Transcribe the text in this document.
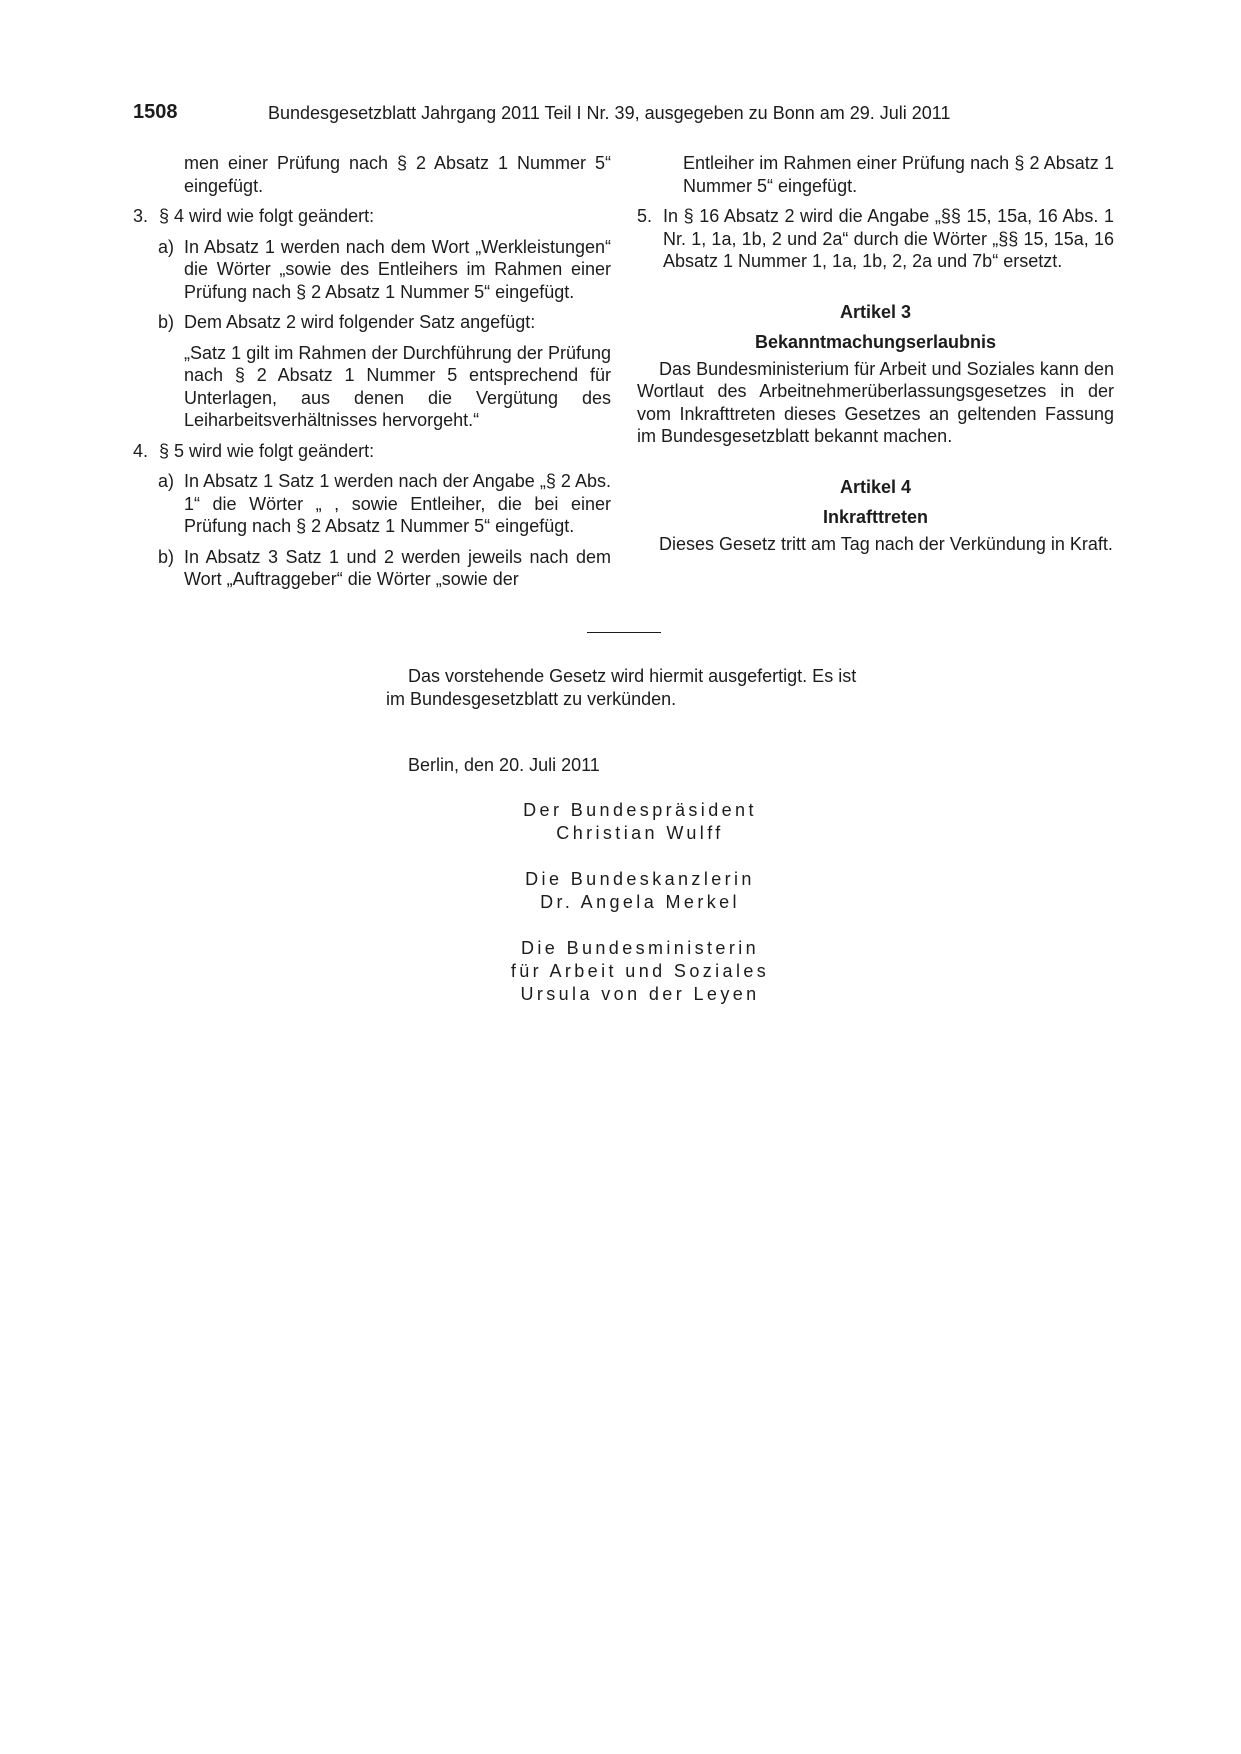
1508	Bundesgesetzblatt Jahrgang 2011 Teil I Nr. 39, ausgegeben zu Bonn am 29. Juli 2011

men einer Prüfung nach § 2 Absatz 1 Nummer 5“ eingefügt.

3. § 4 wird wie folgt geändert:
a) In Absatz 1 werden nach dem Wort „Werkleistungen“ die Wörter „sowie des Entleihers im Rahmen einer Prüfung nach § 2 Absatz 1 Nummer 5“ eingefügt.
b) Dem Absatz 2 wird folgender Satz angefügt:

„Satz 1 gilt im Rahmen der Durchführung der Prüfung nach § 2 Absatz 1 Nummer 5 entsprechend für Unterlagen, aus denen die Vergütung des Leiharbeitsverhältnisses hervorgeht.“

4. § 5 wird wie folgt geändert:
a) In Absatz 1 Satz 1 werden nach der Angabe „§ 2 Abs. 1“ die Wörter „ , sowie Entleiher, die bei einer Prüfung nach § 2 Absatz 1 Nummer 5“ eingefügt.
b) In Absatz 3 Satz 1 und 2 werden jeweils nach dem Wort „Auftraggeber“ die Wörter „sowie der

Entleiher im Rahmen einer Prüfung nach § 2 Absatz 1 Nummer 5“ eingefügt.

5. In § 16 Absatz 2 wird die Angabe „§§ 15, 15a, 16 Abs. 1 Nr. 1, 1a, 1b, 2 und 2a“ durch die Wörter „§§ 15, 15a, 16 Absatz 1 Nummer 1, 1a, 1b, 2, 2a und 7b“ ersetzt.

Artikel 3

Bekanntmachungserlaubnis

Das Bundesministerium für Arbeit und Soziales kann den Wortlaut des Arbeitnehmerüberlassungsgesetzes in der vom Inkrafttreten dieses Gesetzes an geltenden Fassung im Bundesgesetzblatt bekannt machen.

Artikel 4

Inkrafttreten

Dieses Gesetz tritt am Tag nach der Verkündung in Kraft.

Das vorstehende Gesetz wird hiermit ausgefertigt. Es ist im Bundesgesetzblatt zu verkünden.

Berlin, den 20. Juli 2011

Der Bundespräsident
Christian Wulff
Die Bundeskanzlerin
Dr. Angela Merkel
Die Bundesministerin
für Arbeit und Soziales
Ursula von der Leyen
